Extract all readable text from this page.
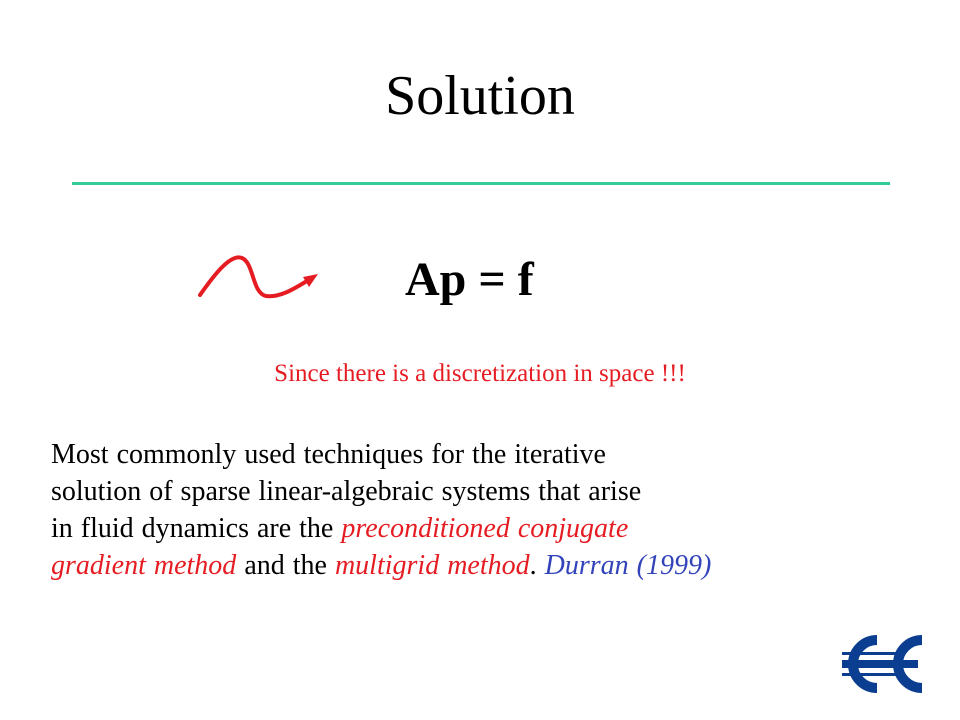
Solution
Ap = f
Since there is a discretization in space !!!
Most commonly used techniques for the iterative
solution of sparse linear-algebraic systems that arise
in fluid dynamics are the preconditioned conjugate
gradient method and the multigrid method. Durran (1999)
